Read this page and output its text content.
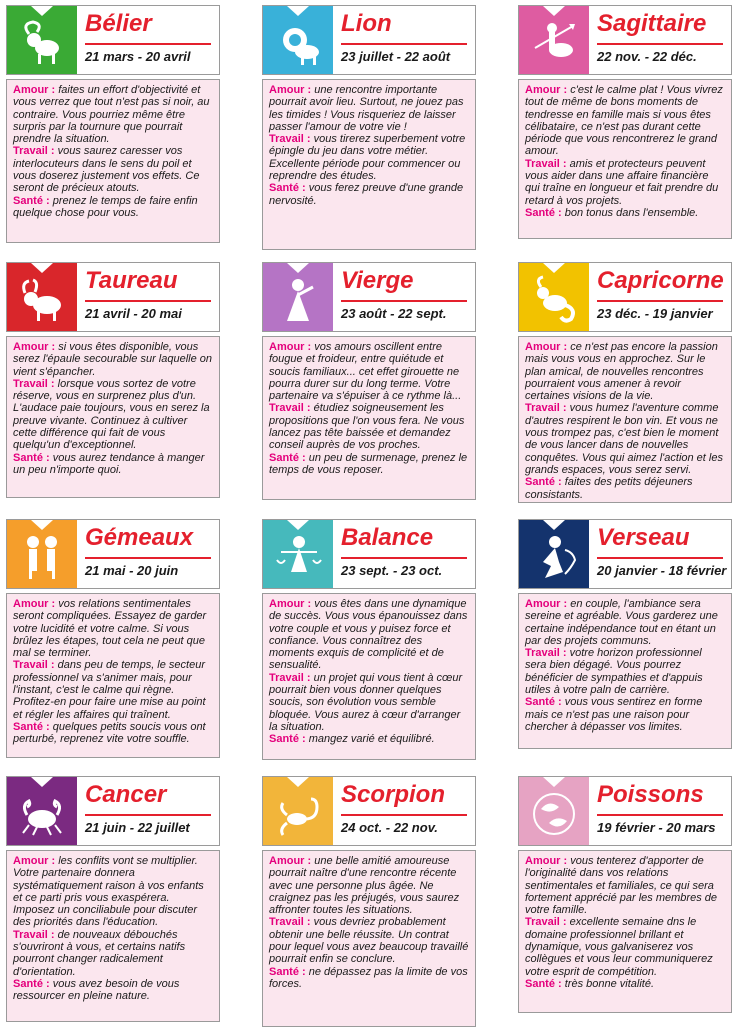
Bélier
21 mars - 20 avril

Amour : faites un effort d'objectivité et vous verrez que tout n'est pas si noir, au contraire. Vous pourriez même être surpris par la tournure que pourrait prendre la situation.

Travail : vous saurez caresser vos interlocuteurs dans le sens du poil et vous doserez justement vos effets. Ce seront de précieux atouts.

Santé : prenez le temps de faire enfin quelque chose pour vous.

Lion
23 juillet - 22 août

Amour : une rencontre importante pourrait avoir lieu. Surtout, ne jouez pas les timides ! Vous risqueriez de laisser passer l'amour de votre vie !

Travail : vous tirerez superbement votre épingle du jeu dans votre métier. Excellente période pour commencer ou reprendre des études.

Santé : vous ferez preuve d'une grande nervosité.

Sagittaire
22 nov. - 22 déc.

Amour : c'est le calme plat ! Vous vivrez tout de même de bons moments de tendresse en famille mais si vous êtes célibataire, ce n'est pas durant cette période que vous rencontrerez le grand amour.

Travail : amis et protecteurs peuvent vous aider dans une affaire financière qui traîne en longueur et fait prendre du retard à vos projets.

Santé : bon tonus dans l'ensemble.

Taureau
21 avril - 20 mai

Amour : si vous êtes disponible, vous serez l'épaule secourable sur laquelle on vient s'épancher.

Travail : lorsque vous sortez de votre réserve, vous en surprenez plus d'un. L'audace paie toujours, vous en serez la preuve vivante. Continuez à cultiver cette différence qui fait de vous quelqu'un d'exceptionnel.

Santé : vous aurez tendance à manger un peu n'importe quoi.

Vierge
23 août - 22 sept.

Amour : vos amours oscillent entre fougue et froideur, entre quiétude et soucis familiaux... cet effet girouette ne pourra durer sur du long terme. Votre partenaire va s'épuiser à ce rythme là...

Travail : étudiez soigneusement les propositions que l'on vous fera. Ne vous lancez pas tête baissée et demandez conseil auprès de vos proches.

Santé : un peu de surmenage, prenez le temps de vous reposer.

Capricorne
23 déc. - 19 janvier

Amour : ce n'est pas encore la passion mais vous vous en approchez. Sur le plan amical, de nouvelles rencontres pourraient vous amener à revoir certaines visions de la vie.

Travail : vous humez l'aventure comme d'autres respirent le bon vin. Et vous ne vous trompez pas, c'est bien le moment de vous lancer dans de nouvelles conquêtes. Vous qui aimez l'action et les grands espaces, vous serez servi.

Santé : faites des petits déjeuners consistants.

Gémeaux
21 mai - 20 juin

Amour : vos relations sentimentales seront compliquées. Essayez de garder votre lucidité et votre calme. Si vous brûlez les étapes, tout cela ne peut que mal se terminer.

Travail : dans peu de temps, le secteur professionnel va s'animer mais, pour l'instant, c'est le calme qui règne. Profitez-en pour faire une mise au point et régler les affaires qui traînent.

Santé : quelques petits soucis vous ont perturbé, reprenez vite votre souffle.

Balance
23 sept. - 23 oct.

Amour : vous êtes dans une dynamique de succès. Vous vous épanouissez dans votre couple et vous y puisez force et confiance. Vous connaîtrez des moments exquis de complicité et de sensualité.

Travail : un projet qui vous tient à cœur pourrait bien vous donner quelques soucis, son évolution vous semble bloquée. Vous aurez à cœur d'arranger la situation.

Santé : mangez varié et équilibré.

Verseau
20 janvier - 18 février

Amour : en couple, l'ambiance sera sereine et agréable. Vous garderez une certaine indépendance tout en étant un par des projets communs.

Travail : votre horizon professionnel sera bien dégagé. Vous pourrez bénéficier de sympathies et d'appuis utiles à votre paln de carrière.

Santé : vous vous sentirez en forme mais ce n'est pas une raison pour chercher à dépasser vos limites.

Cancer
21 juin - 22 juillet

Amour : les conflits vont se multiplier. Votre partenaire donnera systématiquement raison à vos enfants et ce parti pris vous exaspérera. Imposez un conciliabule pour discuter des priorités dans l'éducation.

Travail : de nouveaux débouchés s'ouvriront à vous, et certains natifs pourront changer radicalement d'orientation.

Santé : vous avez besoin de vous ressourcer en pleine nature.

Scorpion
24 oct. - 22 nov.

Amour : une belle amitié amoureuse pourrait naître d'une rencontre récente avec une personne plus âgée. Ne craignez pas les préjugés, vous saurez affronter toutes les situations.

Travail : vous devriez probablement obtenir une belle réussite. Un contrat pour lequel vous avez beaucoup travaillé pourrait enfin se conclure.

Santé : ne dépassez pas la limite de vos forces.

Poissons
19 février - 20 mars

Amour : vous tenterez d'apporter de l'originalité dans vos relations sentimentales et familiales, ce qui sera fortement apprécié par les membres de votre famille.

Travail : excellente semaine dns le domaine professionnel brillant et dynamique, vous galvaniserez vos collègues et vous leur communiquerez votre esprit de compétition.

Santé : très bonne vitalité.
